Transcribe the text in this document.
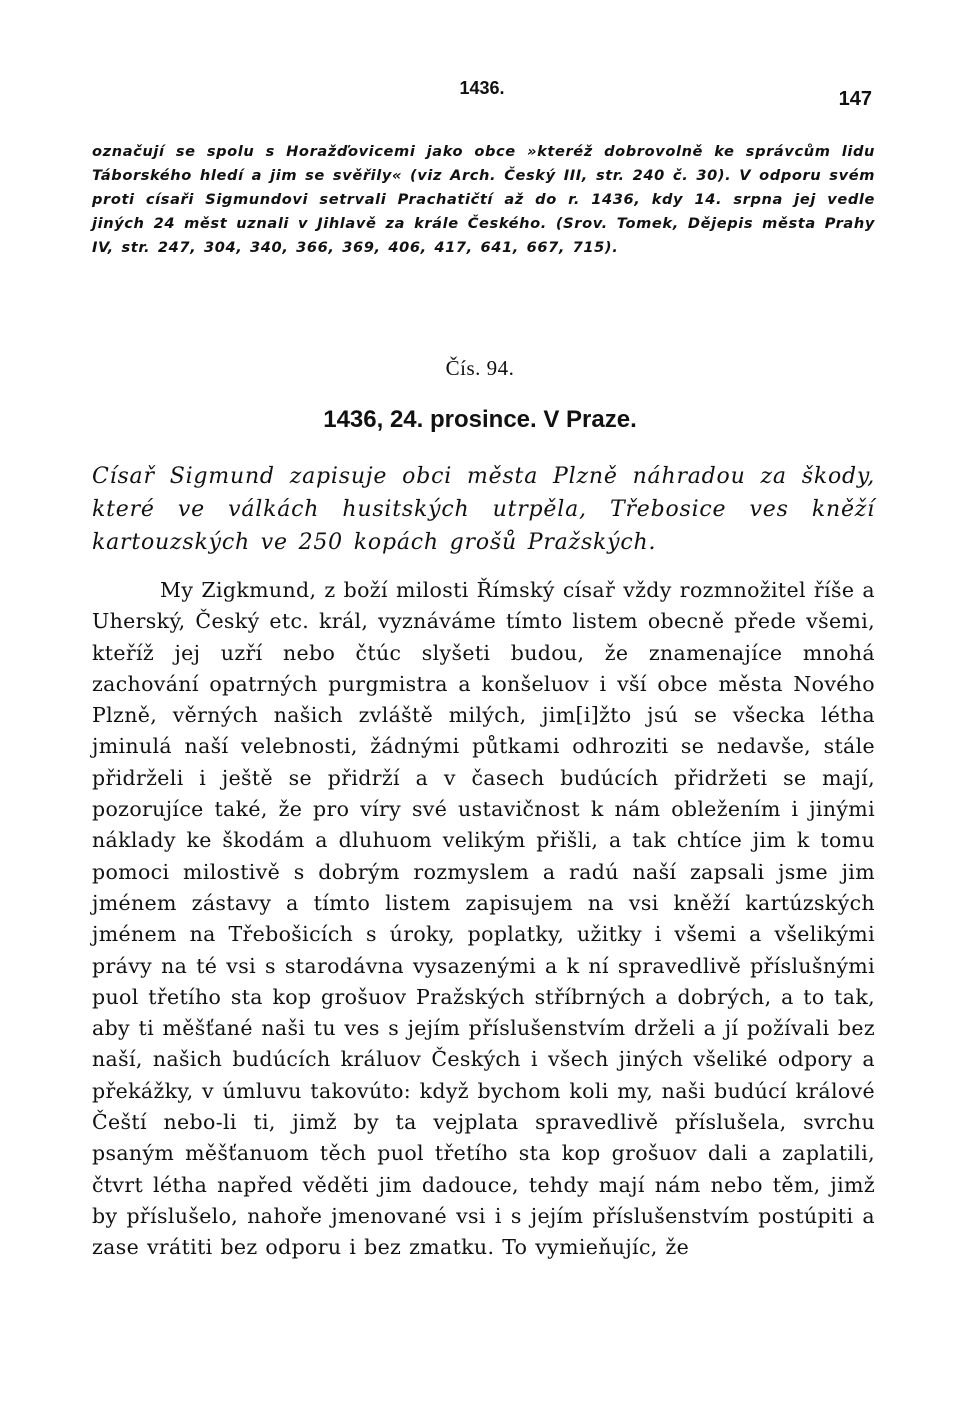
1436.	147
označují se spolu s Horažďovicemi jako obce »kteréž dobrovolně ke správcům lidu Táborského hledí a jim se svěřily« (viz Arch. Český III, str. 240 č. 30). V odporu svém proti císaři Sigmundovi setrvali Prachatičtí až do r. 1436, kdy 14. srpna jej vedle jiných 24 měst uznali v Jihlavě za krále Českého. (Srov. Tomek, Dějepis města Prahy IV, str. 247, 304, 340, 366, 369, 406, 417, 641, 667, 715).
Čís. 94.
1436, 24. prosince. V Praze.
Císař Sigmund zapisuje obci města Plzně náhradou za škody, které ve válkách husitských utrpěla, Třebosice ves kněží kartouzských ve 250 kopách grošů Pražských.

My Zigkmund, z boží milosti Římský císař vždy rozmnožitel říše a Uherský, Český etc. král, vyznáváme tímto listem obecně přede všemi, kteříž jej uzří nebo čtúc slyšeti budou, že znamenajíce mnohá zachování opatrných purgmistra a konšeluov i vší obce města Nového Plzně, věrných našich zvláště milých, jim[i]žto jsú se všecka létha jminulá naší velebnosti, žádnými půtkami odhroziti se nedavše, stále přidrželi i ještě se přidrží a v časech budúcích přidržeti se mají, pozorujíce také, že pro víry své ustavičnost k nám obležením i jinými náklady ke škodám a dluhuom velikým přišli, a tak chtíce jim k tomu pomoci milostivě s dobrým rozmyslem a radú naší zapsali jsme jim jménem zástavy a tímto listem zapisujem na vsi kněží kartúzských jménem na Třebošicích s úroky, poplatky, užitky i všemi a všelikými právy na té vsi s starodávna vysazenými a k ní spravedlivě příslušnými puol třetího sta kop grošuov Pražských stříbrných a dobrých, a to tak, aby ti měšťané naši tu ves s jejím příslušenstvím drželi a jí požívali bez naší, našich budúcích králuov Českých i všech jiných všeliké odpory a překážky, v úmluvu takovúto: když bychom koli my, naši budúcí králové Čeští nebo-li ti, jimž by ta vejplata spravedlivě příslušela, svrchu psaným měšťanuom těch puol třetího sta kop grošuov dali a zaplatili, čtvrt létha napřed věděti jim dadouce, tehdy mají nám nebo těm, jimž by příslušelo, nahoře jmenované vsi i s jejím příslušenstvím postúpiti a zase vrátiti bez odporu i bez zmatku. To vymieňujíc, že
